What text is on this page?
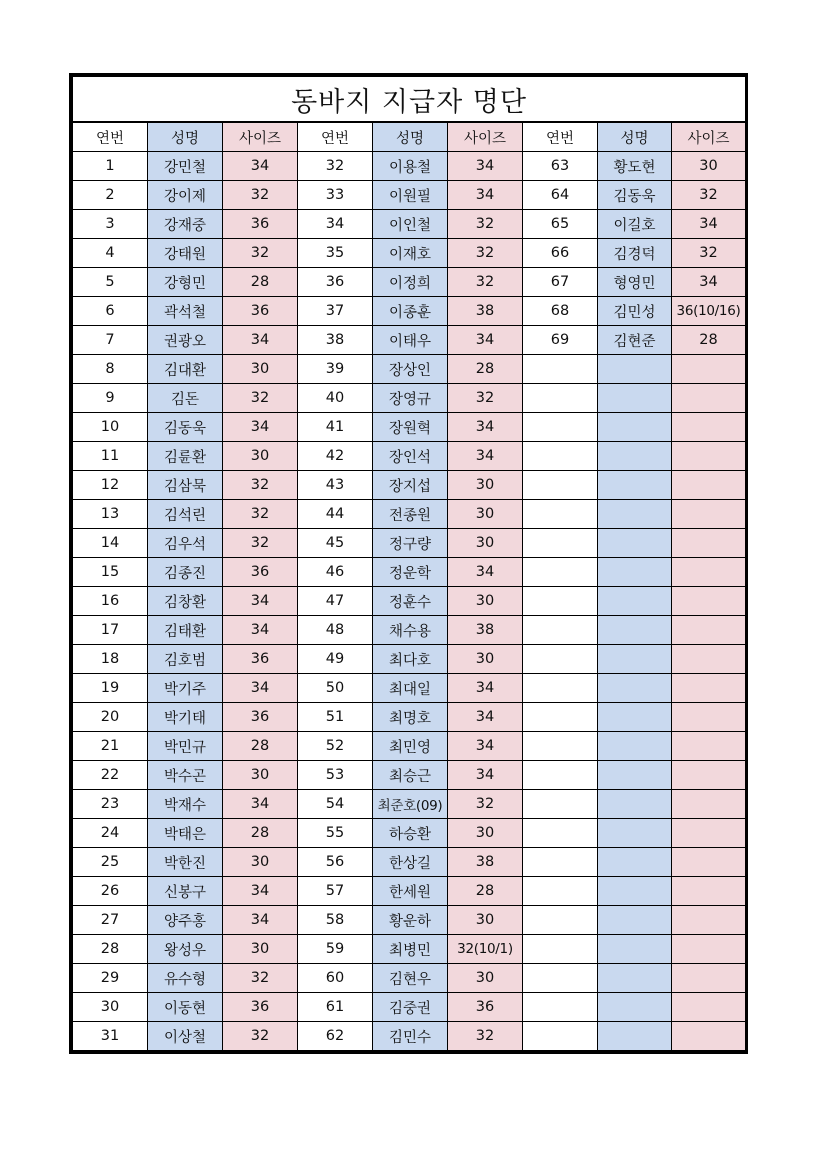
동바지 지급자 명단								
연번	성명	사이즈	연번	성명	사이즈	연번	성명	사이즈
1	강민철	34	32	이용철	34	63	황도현	30
2	강이제	32	33	이원필	34	64	김동욱	32
3	강재중	36	34	이인철	32	65	이길호	34
4	강태원	32	35	이재호	32	66	김경덕	32
5	강형민	28	36	이정희	32	67	형영민	34
6	곽석철	36	37	이종훈	38	68	김민성	36(10/16)
7	권광오	34	38	이태우	34	69	김현준	28
8	김대환	30	39	장상인	28			
9	김돈	32	40	장영규	32			
10	김동욱	34	41	장원혁	34			
11	김륜환	30	42	장인석	34			
12	김삼묵	32	43	장지섭	30			
13	김석린	32	44	전종원	30			
14	김우석	32	45	정구량	30			
15	김종진	36	46	정운학	34			
16	김창환	34	47	정훈수	30			
17	김태환	34	48	채수용	38			
18	김호범	36	49	최다호	30			
19	박기주	34	50	최대일	34			
20	박기태	36	51	최명호	34			
21	박민규	28	52	최민영	34			
22	박수곤	30	53	최승근	34			
23	박재수	34	54	최준호(09)	32			
24	박태은	28	55	하승환	30			
25	박한진	30	56	한상길	38			
26	신봉구	34	57	한세원	28			
27	양주홍	34	58	황운하	30			
28	왕성우	30	59	최병민	32(10/1)			
29	유수형	32	60	김현우	30			
30	이동현	36	61	김중권	36			
31	이상철	32	62	김민수	32			
